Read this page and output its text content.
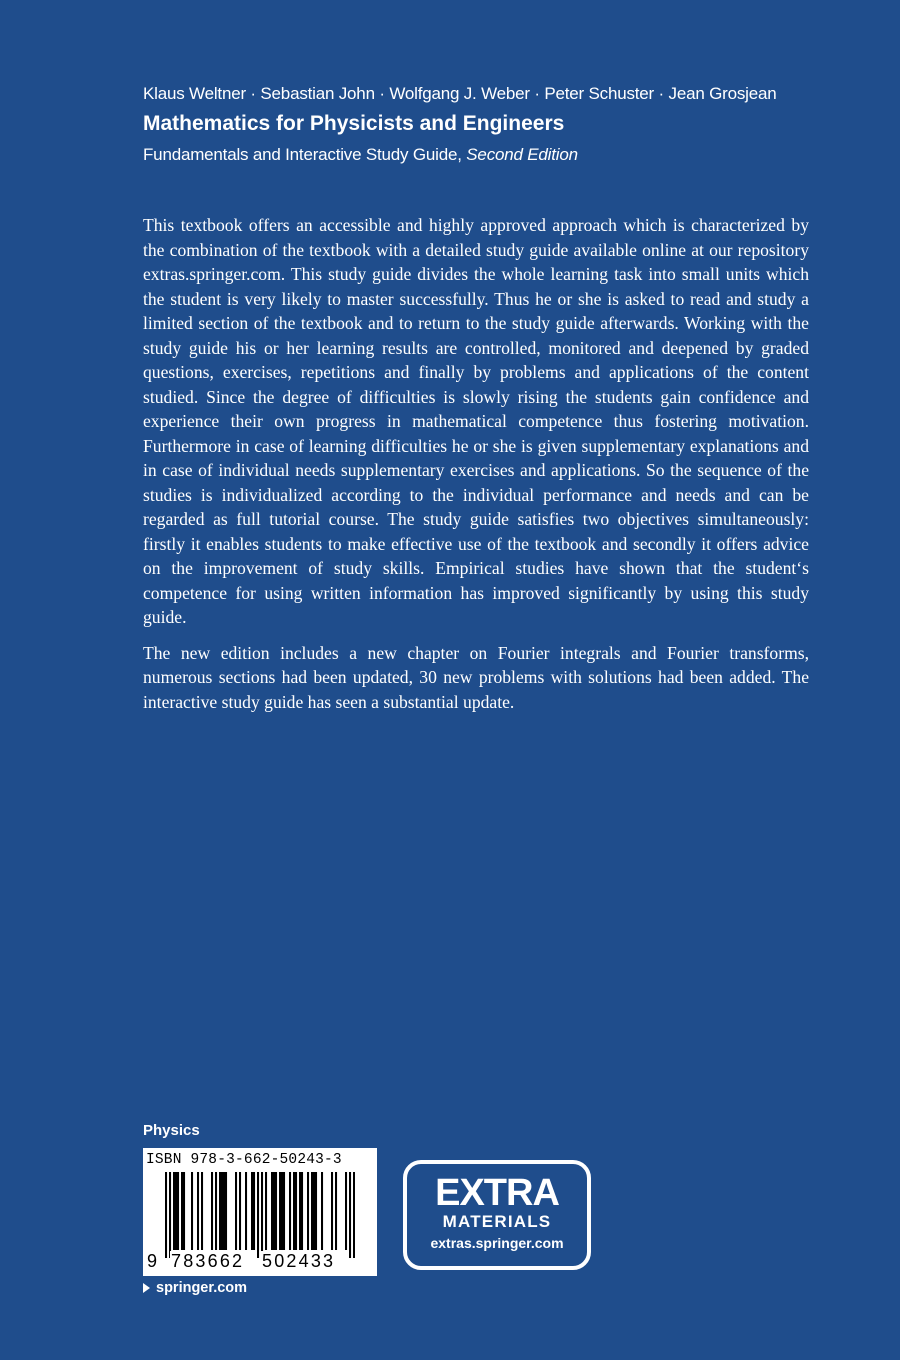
Klaus Weltner · Sebastian John · Wolfgang J. Weber · Peter Schuster · Jean Grosjean
Mathematics for Physicists and Engineers
Fundamentals and Interactive Study Guide, Second Edition

This textbook offers an accessible and highly approved approach which is characterized by the combination of the textbook with a detailed study guide available online at our repository extras.springer.com. This study guide divides the whole learning task into small units which the student is very likely to master successfully. Thus he or she is asked to read and study a limited section of the textbook and to return to the study guide afterwards. Working with the study guide his or her learning results are controlled, monitored and deepened by graded questions, exercises, repetitions and finally by problems and applications of the content studied. Since the degree of difficulties is slowly rising the students gain confidence and experience their own progress in mathematical competence thus fostering motivation. Furthermore in case of learning difficulties he or she is given supplementary explanations and in case of individual needs supplementary exercises and applications. So the sequence of the studies is individualized according to the individual performance and needs and can be regarded as full tutorial course. The study guide satisfies two objectives simultaneously: firstly it enables students to make effective use of the textbook and secondly it offers advice on the improvement of study skills. Empirical studies have shown that the student‘s competence for using written information has improved significantly by using this study guide.

The new edition includes a new chapter on Fourier integrals and Fourier transforms, numerous sections had been updated, 30 new problems with solutions had been added. The interactive study guide has seen a substantial update.

Physics
ISBN 978-3-662-50243-3
9 783662 502433
springer.com
EXTRA
MATERIALS
extras.springer.com
